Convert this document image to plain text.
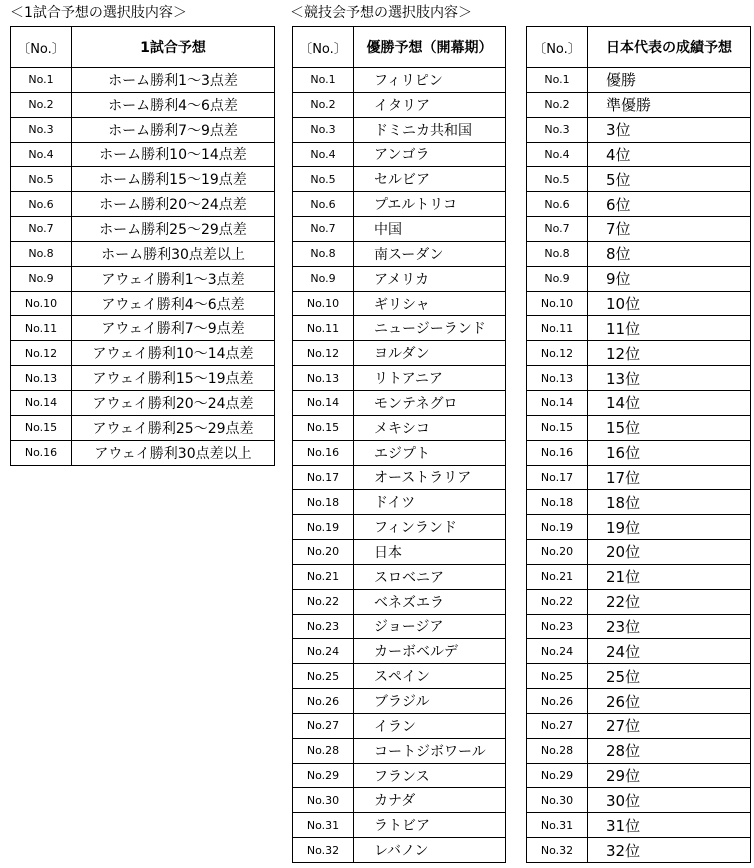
＜1試合予想の選択肢内容＞	＜競技会予想の選択肢内容＞
〔No.〕	1試合予想
No.1	ホーム勝利1～3点差
No.2	ホーム勝利4～6点差
No.3	ホーム勝利7～9点差
No.4	ホーム勝利10～14点差
No.5	ホーム勝利15～19点差
No.6	ホーム勝利20～24点差
No.7	ホーム勝利25～29点差
No.8	ホーム勝利30点差以上
No.9	アウェイ勝利1～3点差
No.10	アウェイ勝利4～6点差
No.11	アウェイ勝利7～9点差
No.12	アウェイ勝利10～14点差
No.13	アウェイ勝利15～19点差
No.14	アウェイ勝利20～24点差
No.15	アウェイ勝利25～29点差
No.16	アウェイ勝利30点差以上
〔No.〕	優勝予想（開幕期）
No.1	フィリピン
No.2	イタリア
No.3	ドミニカ共和国
No.4	アンゴラ
No.5	セルビア
No.6	プエルトリコ
No.7	中国
No.8	南スーダン
No.9	アメリカ
No.10	ギリシャ
No.11	ニュージーランド
No.12	ヨルダン
No.13	リトアニア
No.14	モンテネグロ
No.15	メキシコ
No.16	エジプト
No.17	オーストラリア
No.18	ドイツ
No.19	フィンランド
No.20	日本
No.21	スロベニア
No.22	ベネズエラ
No.23	ジョージア
No.24	カーボベルデ
No.25	スペイン
No.26	ブラジル
No.27	イラン
No.28	コートジボワール
No.29	フランス
No.30	カナダ
No.31	ラトビア
No.32	レバノン
〔No.〕	日本代表の成績予想
No.1	優勝
No.2	準優勝
No.3	3位
No.4	4位
No.5	5位
No.6	6位
No.7	7位
No.8	8位
No.9	9位
No.10	10位
No.11	11位
No.12	12位
No.13	13位
No.14	14位
No.15	15位
No.16	16位
No.17	17位
No.18	18位
No.19	19位
No.20	20位
No.21	21位
No.22	22位
No.23	23位
No.24	24位
No.25	25位
No.26	26位
No.27	27位
No.28	28位
No.29	29位
No.30	30位
No.31	31位
No.32	32位
